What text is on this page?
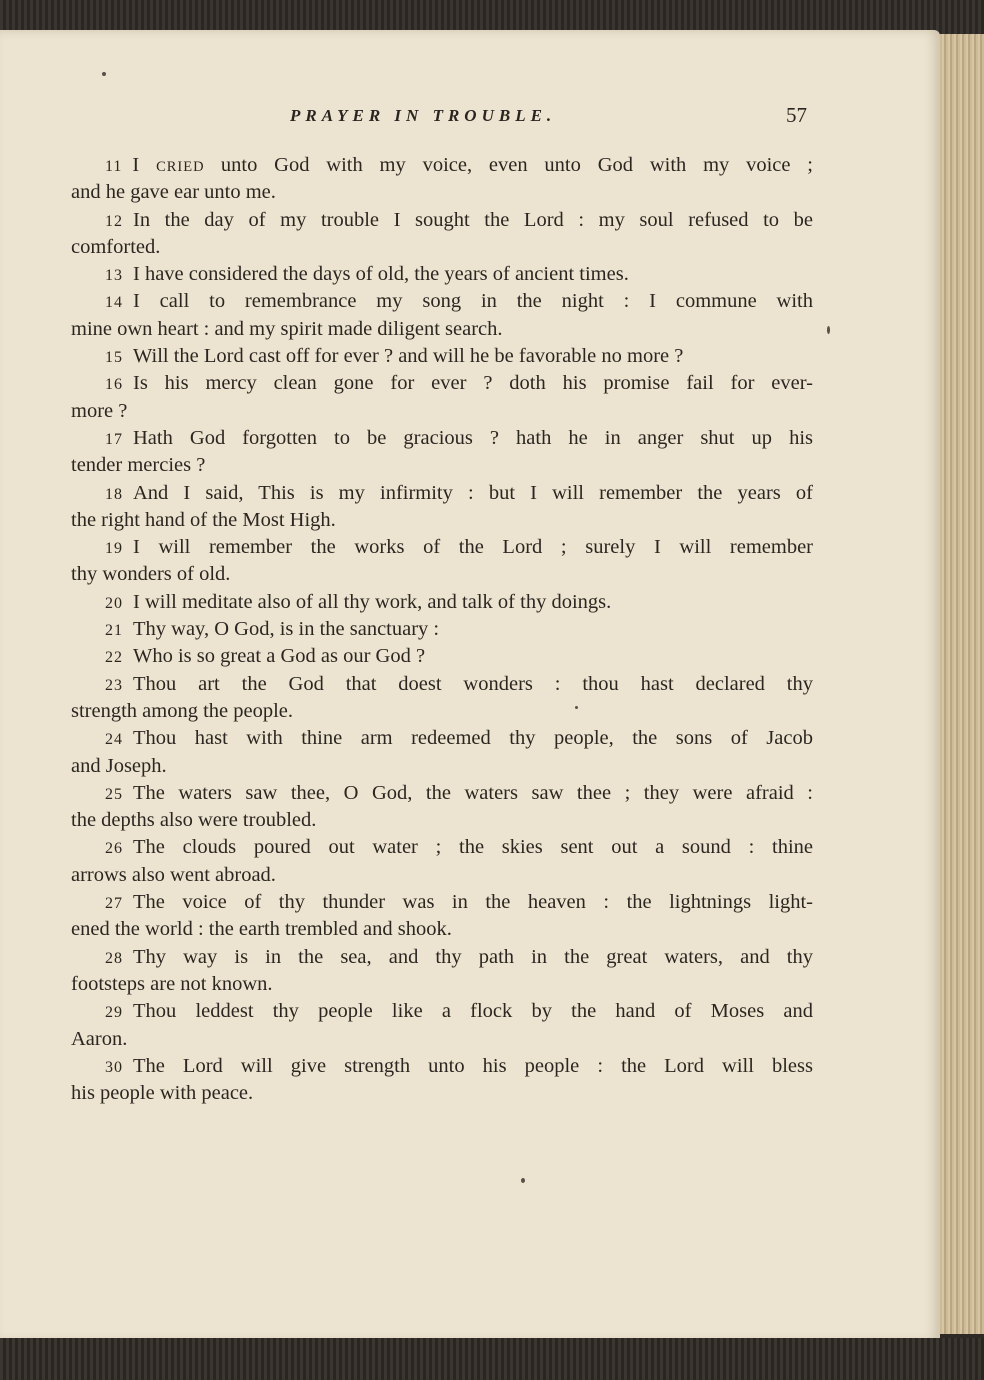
PRAYER IN TROUBLE.	57
11 I CRIED unto God with my voice, even unto God with my voice ;
and he gave ear unto me.
12 In the day of my trouble I sought the Lord : my soul refused to be
comforted.
13 I have considered the days of old, the years of ancient times.
14 I call to remembrance my song in the night : I commune with
mine own heart : and my spirit made diligent search.
15 Will the Lord cast off for ever ? and will he be favorable no more ?
16 Is his mercy clean gone for ever ? doth his promise fail for ever-
more ?
17 Hath God forgotten to be gracious ? hath he in anger shut up his
tender mercies ?
18 And I said, This is my infirmity : but I will remember the years of
the right hand of the Most High.
19 I will remember the works of the Lord ; surely I will remember
thy wonders of old.
20 I will meditate also of all thy work, and talk of thy doings.
21 Thy way, O God, is in the sanctuary :
22 Who is so great a God as our God ?
23 Thou art the God that doest wonders : thou hast declared thy
strength among the people.
24 Thou hast with thine arm redeemed thy people, the sons of Jacob
and Joseph.
25 The waters saw thee, O God, the waters saw thee ; they were afraid :
the depths also were troubled.
26 The clouds poured out water ; the skies sent out a sound : thine
arrows also went abroad.
27 The voice of thy thunder was in the heaven : the lightnings light-
ened the world : the earth trembled and shook.
28 Thy way is in the sea, and thy path in the great waters, and thy
footsteps are not known.
29 Thou leddest thy people like a flock by the hand of Moses and
Aaron.
30 The Lord will give strength unto his people : the Lord will bless
his people with peace.
